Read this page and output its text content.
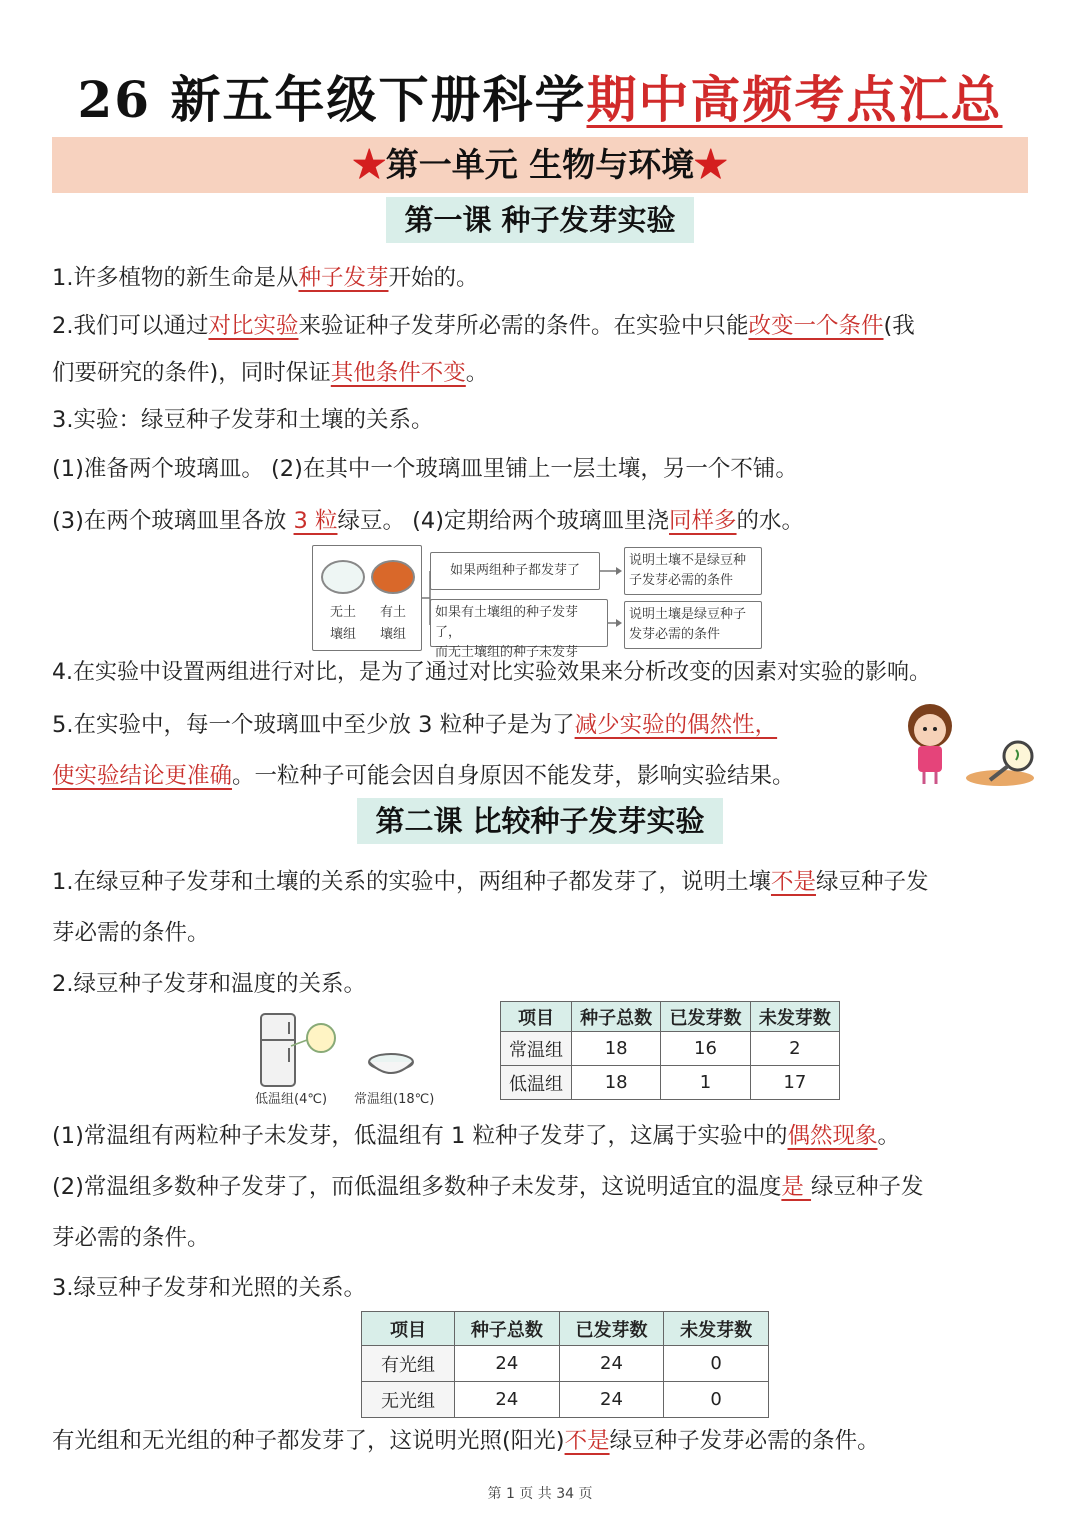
26 新五年级下册科学期中高频考点汇总
★第一单元 生物与环境★
第一课 种子发芽实验
1.许多植物的新生命是从种子发芽开始的。
2.我们可以通过对比实验来验证种子发芽所必需的条件。在实验中只能改变一个条件(我
们要研究的条件)，同时保证其他条件不变。
3.实验：绿豆种子发芽和土壤的关系。
(1)准备两个玻璃皿。 (2)在其中一个玻璃皿里铺上一层土壤，另一个不铺。
(3)在两个玻璃皿里各放 3 粒绿豆。 (4)定期给两个玻璃皿里浇同样多的水。
无土
壤组
有土
壤组
如果两组种子都发芽了
如果有土壤组的种子发芽了，
而无土壤组的种子未发芽
说明土壤不是绿豆种
子发芽必需的条件
说明土壤是绿豆种子
发芽必需的条件
4.在实验中设置两组进行对比，是为了通过对比实验效果来分析改变的因素对实验的影响。
5.在实验中，每一个玻璃皿中至少放 3 粒种子是为了减少实验的偶然性，
使实验结论更准确。一粒种子可能会因自身原因不能发芽，影响实验结果。
第二课 比较种子发芽实验
1.在绿豆种子发芽和土壤的关系的实验中，两组种子都发芽了，说明土壤不是绿豆种子发
芽必需的条件。
2.绿豆种子发芽和温度的关系。
低温组(4℃) 常温组(18℃)
项目	种子总数	已发芽数	未发芽数
常温组	18	16	2
低温组	18	1	17
(1)常温组有两粒种子未发芽，低温组有 1 粒种子发芽了，这属于实验中的偶然现象。
(2)常温组多数种子发芽了，而低温组多数种子未发芽，这说明适宜的温度是 绿豆种子发
芽必需的条件。
3.绿豆种子发芽和光照的关系。
项目	种子总数	已发芽数	未发芽数
有光组	24	24	0
无光组	24	24	0
有光组和无光组的种子都发芽了，这说明光照(阳光)不是绿豆种子发芽必需的条件。
第 1 页 共 34 页
